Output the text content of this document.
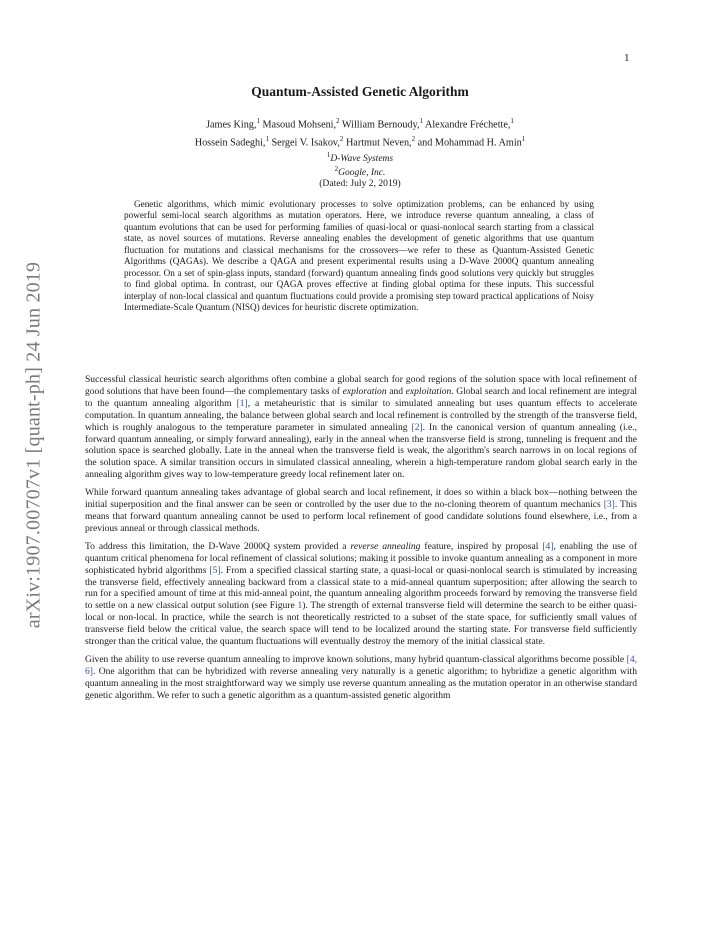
1
arXiv:1907.00707v1 [quant-ph] 24 Jun 2019
Quantum-Assisted Genetic Algorithm
James King,$^1$ Masoud Mohseni,$^2$ William Bernoudy,$^1$ Alexandre Fréchette,$^1$
Hossein Sadeghi,$^1$ Sergei V. Isakov,$^2$ Hartmut Neven,$^2$ and Mohammad H. Amin$^1$
$^1$D-Wave Systems
$^2$Google, Inc.
(Dated: July 2, 2019)

Genetic algorithms, which mimic evolutionary processes to solve optimization problems, can be enhanced by using powerful semi-local search algorithms as mutation operators. Here, we introduce reverse quantum annealing, a class of quantum evolutions that can be used for performing families of quasi-local or quasi-nonlocal search starting from a classical state, as novel sources of mutations. Reverse annealing enables the development of genetic algorithms that use quantum fluctuation for mutations and classical mechanisms for the crossovers—we refer to these as Quantum-Assisted Genetic Algorithms (QAGAs). We describe a QAGA and present experimental results using a D-Wave 2000Q quantum annealing processor. On a set of spin-glass inputs, standard (forward) quantum annealing finds good solutions very quickly but struggles to find global optima. In contrast, our QAGA proves effective at finding global optima for these inputs. This successful interplay of non-local classical and quantum fluctuations could provide a promising step toward practical applications of Noisy Intermediate-Scale Quantum (NISQ) devices for heuristic discrete optimization.

Successful classical heuristic search algorithms often combine a global search for good regions of the solution space with local refinement of good solutions that have been found—the complementary tasks of exploration and exploitation. Global search and local refinement are integral to the quantum annealing algorithm [1], a metaheuristic that is similar to simulated annealing but uses quantum effects to accelerate computation. In quantum annealing, the balance between global search and local refinement is controlled by the strength of the transverse field, which is roughly analogous to the temperature parameter in simulated annealing [2]. In the canonical version of quantum annealing (i.e., forward quantum annealing, or simply forward annealing), early in the anneal when the transverse field is strong, tunneling is frequent and the solution space is searched globally. Late in the anneal when the transverse field is weak, the algorithm's search narrows in on local regions of the solution space. A similar transition occurs in simulated classical annealing, wherein a high-temperature random global search early in the annealing algorithm gives way to low-temperature greedy local refinement later on.

While forward quantum annealing takes advantage of global search and local refinement, it does so within a black box—nothing between the initial superposition and the final answer can be seen or controlled by the user due to the no-cloning theorem of quantum mechanics [3]. This means that forward quantum annealing cannot be used to perform local refinement of good candidate solutions found elsewhere, i.e., from a previous anneal or through classical methods.

To address this limitation, the D-Wave 2000Q system provided a reverse annealing feature, inspired by proposal [4], enabling the use of quantum critical phenomena for local refinement of classical solutions; making it possible to invoke quantum annealing as a component in more sophisticated hybrid algorithms [5]. From a specified classical starting state, a quasi-local or quasi-nonlocal search is stimulated by increasing the transverse field, effectively annealing backward from a classical state to a mid-anneal quantum superposition; after allowing the search to run for a specified amount of time at this mid-anneal point, the quantum annealing algorithm proceeds forward by removing the transverse field to settle on a new classical output solution (see Figure 1). The strength of external transverse field will determine the search to be either quasi-local or non-local. In practice, while the search is not theoretically restricted to a subset of the state space, for sufficiently small values of transverse field below the critical value, the search space will tend to be localized around the starting state. For transverse field sufficiently stronger than the critical value, the quantum fluctuations will eventually destroy the memory of the initial classical state.

Given the ability to use reverse quantum annealing to improve known solutions, many hybrid quantum-classical algorithms become possible [4, 6]. One algorithm that can be hybridized with reverse annealing very naturally is a genetic algorithm; to hybridize a genetic algorithm with quantum annealing in the most straightforward way we simply use reverse quantum annealing as the mutation operator in an otherwise standard genetic algorithm. We refer to such a genetic algorithm as a quantum-assisted genetic algorithm
